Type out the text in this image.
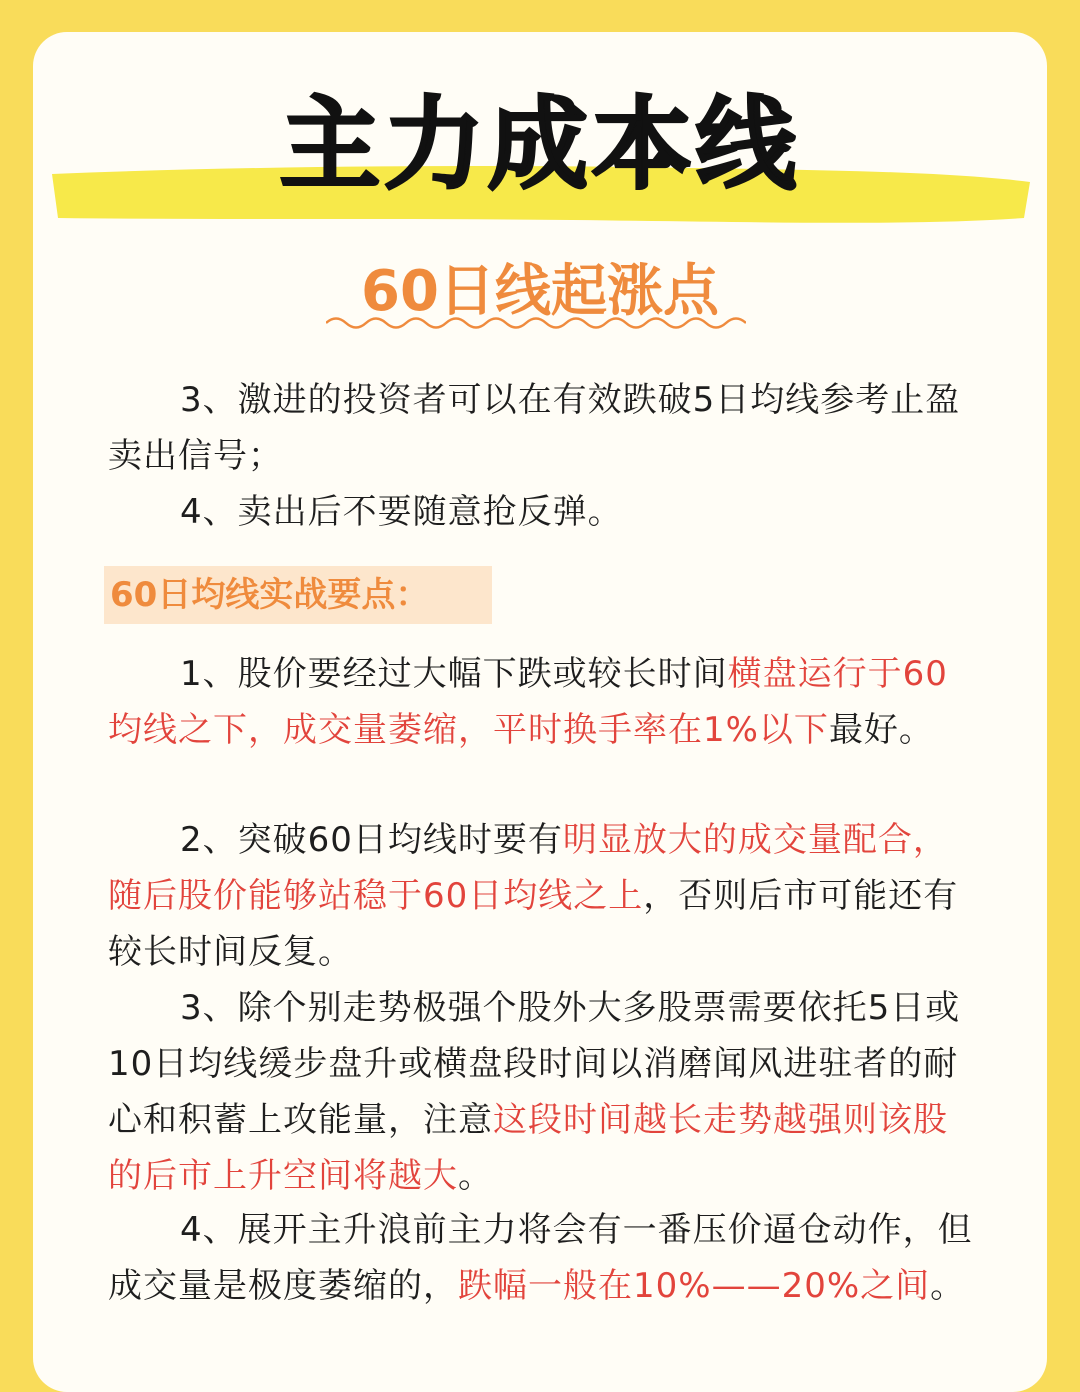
主力成本线
60日线起涨点

3、激进的投资者可以在有效跌破5日均线参考止盈卖出信号；

4、卖出后不要随意抢反弹。

60日均线实战要点：

1、股价要经过大幅下跌或较长时间横盘运行于60均线之下，成交量萎缩，平时换手率在1%以下最好。

2、突破60日均线时要有明显放大的成交量配合，随后股价能够站稳于60日均线之上，否则后市可能还有较长时间反复。

3、除个别走势极强个股外大多股票需要依托5日或10日均线缓步盘升或横盘段时间以消磨闻风进驻者的耐心和积蓄上攻能量，注意这段时间越长走势越强则该股的后市上升空间将越大。

4、展开主升浪前主力将会有一番压价逼仓动作，但成交量是极度萎缩的，跌幅一般在10%——20%之间。
